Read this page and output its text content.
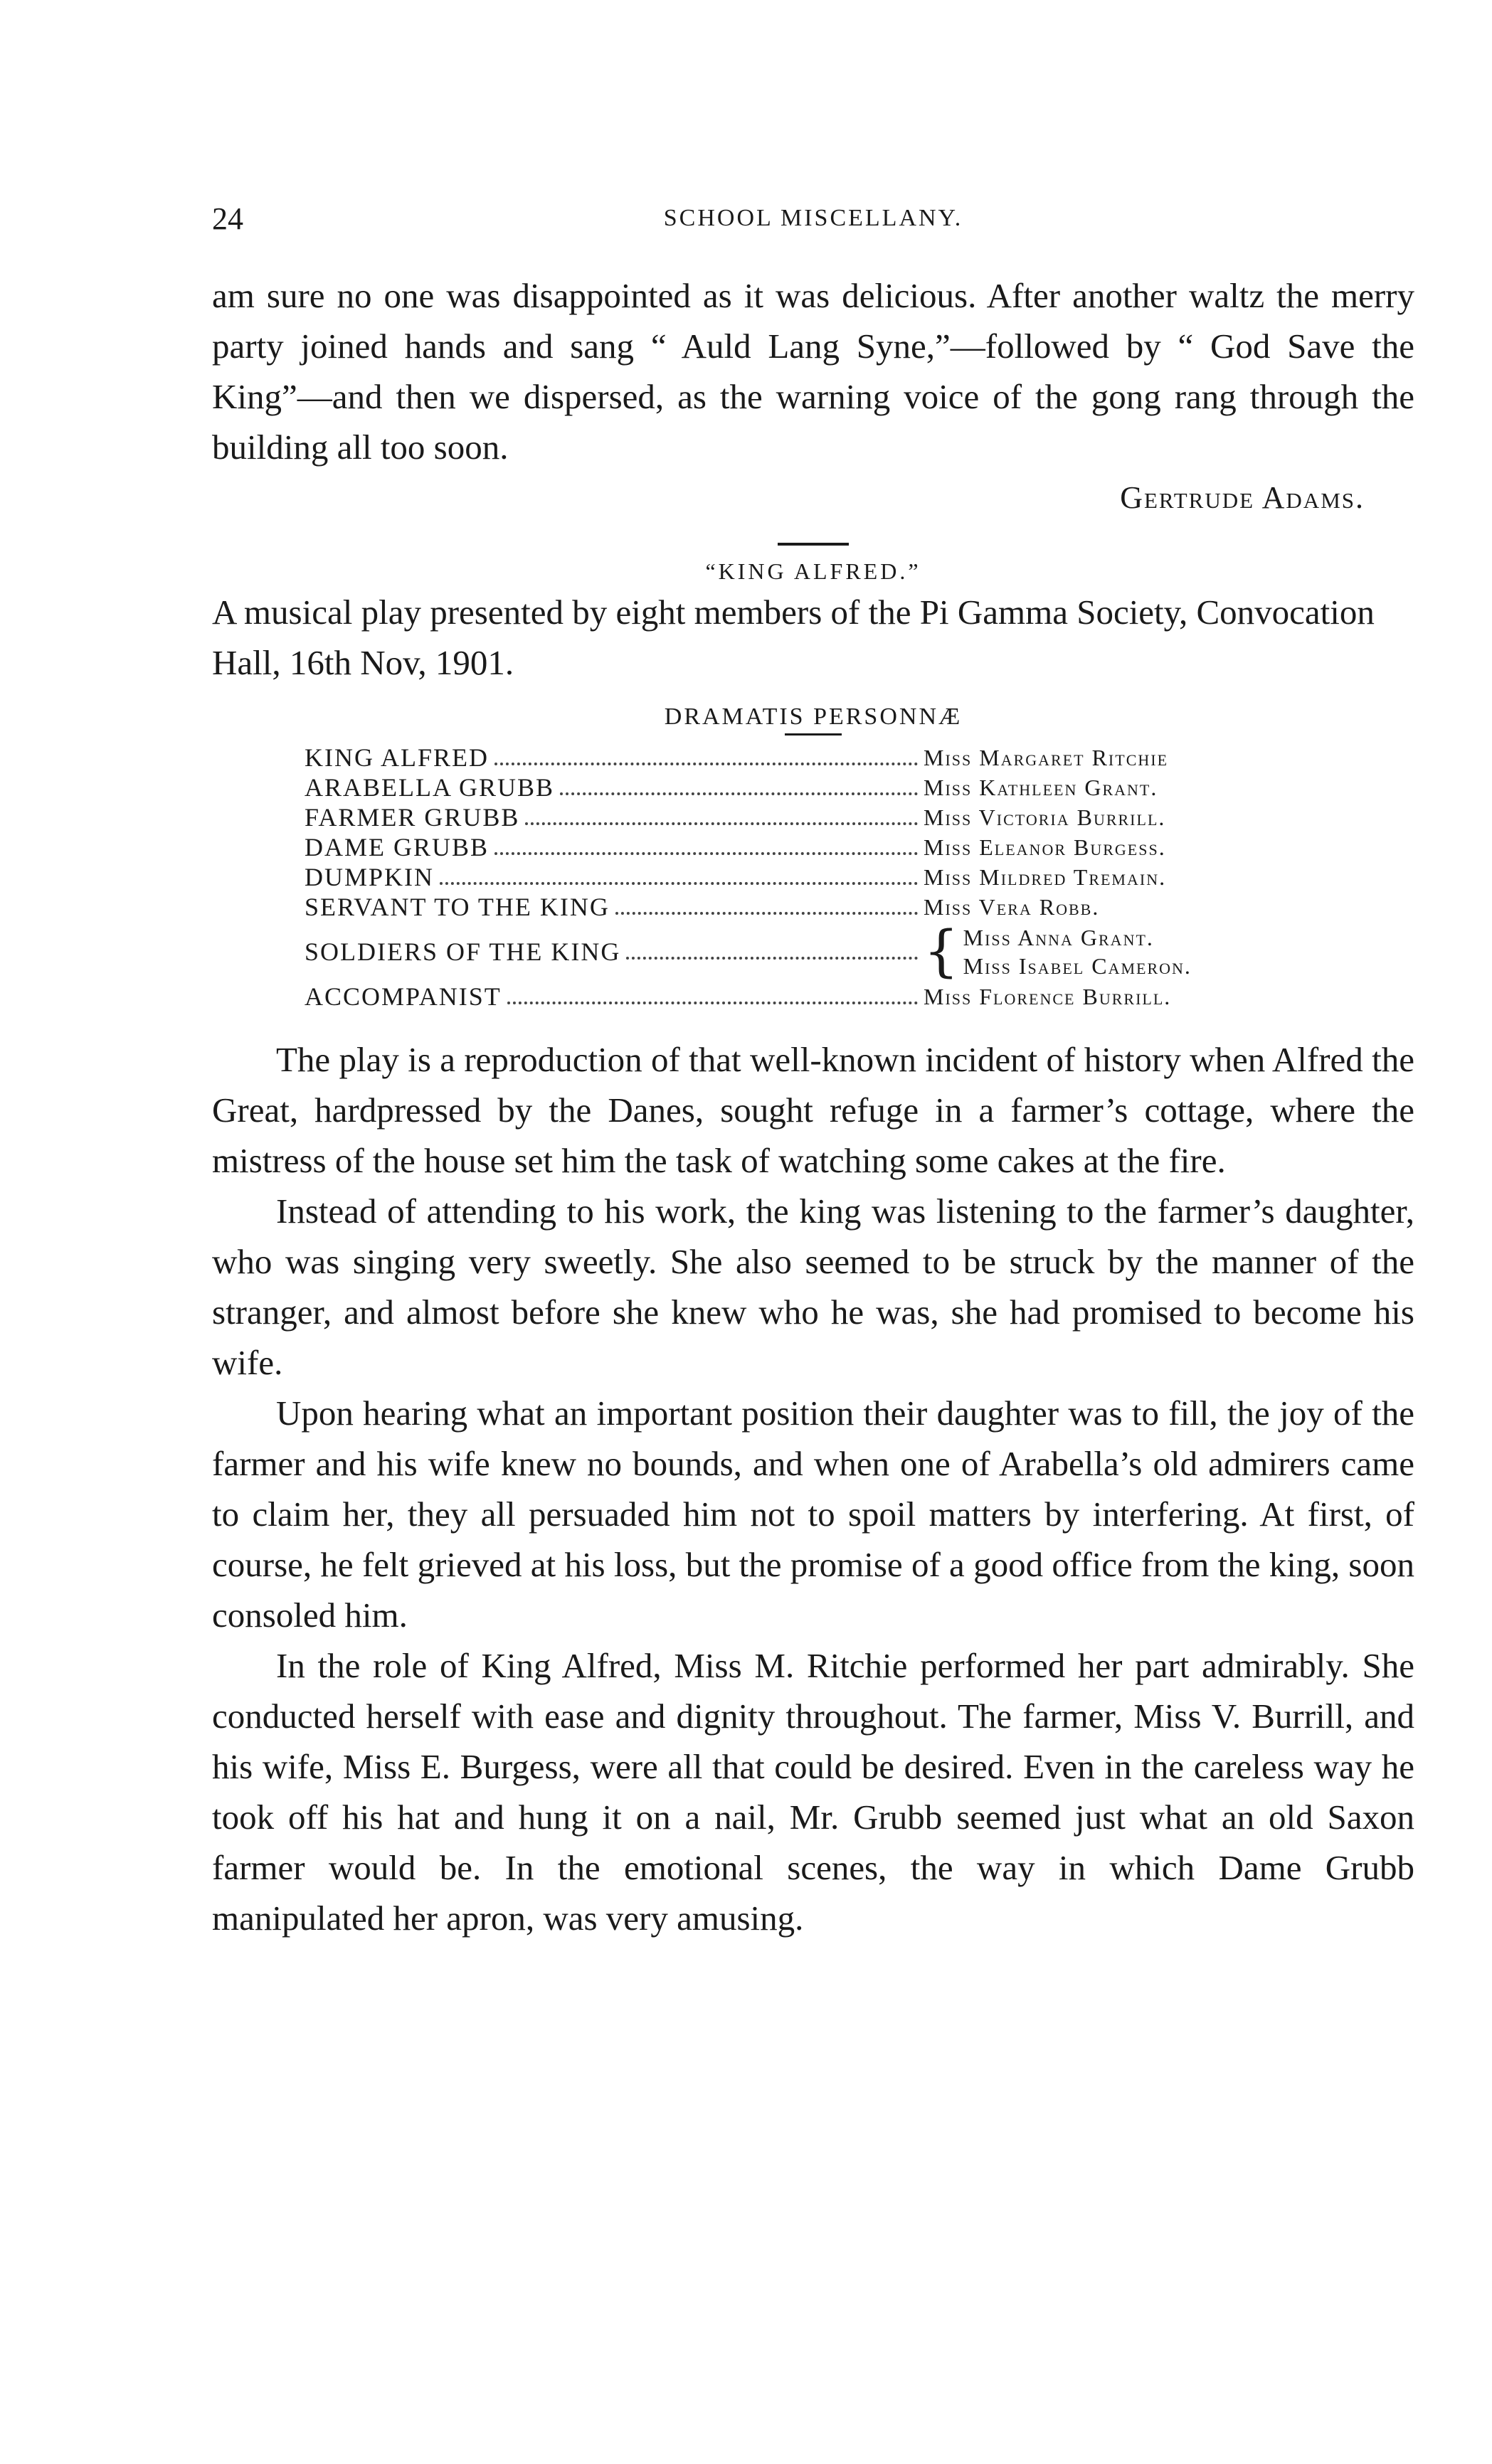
24	SCHOOL MISCELLANY.

am sure no one was disappointed as it was delicious. After another waltz the merry party joined hands and sang “ Auld Lang Syne,”—followed by “ God Save the King”—and then we dispersed, as the warning voice of the gong rang through the building all too soon.

Gertrude Adams.
“KING ALFRED.”

A musical play presented by eight members of the Pi Gamma Society, Convocation Hall, 16th Nov, 1901.

DRAMATIS PERSONNÆ
KING ALFRED	Miss Margaret Ritchie
ARABELLA GRUBB	Miss Kathleen Grant.
FARMER GRUBB	Miss Victoria Burrill.
DAME GRUBB	Miss Eleanor Burgess.
DUMPKIN	Miss Mildred Tremain.
SERVANT TO THE KING	Miss Vera Robb.
SOLDIERS OF THE KING	{ Miss Anna Grant.
Miss Isabel Cameron.
ACCOMPANIST	Miss Florence Burrill.

The play is a reproduction of that well-known incident of history when Alfred the Great, hardpressed by the Danes, sought refuge in a farmer’s cottage, where the mistress of the house set him the task of watching some cakes at the fire.

Instead of attending to his work, the king was listening to the farmer’s daughter, who was singing very sweetly. She also seemed to be struck by the manner of the stranger, and almost before she knew who he was, she had promised to become his wife.

Upon hearing what an important position their daughter was to fill, the joy of the farmer and his wife knew no bounds, and when one of Arabella’s old admirers came to claim her, they all persuaded him not to spoil matters by interfering. At first, of course, he felt grieved at his loss, but the promise of a good office from the king, soon consoled him.

In the role of King Alfred, Miss M. Ritchie performed her part admirably. She conducted herself with ease and dignity throughout. The farmer, Miss V. Burrill, and his wife, Miss E. Burgess, were all that could be desired. Even in the careless way he took off his hat and hung it on a nail, Mr. Grubb seemed just what an old Saxon farmer would be. In the emotional scenes, the way in which Dame Grubb manipulated her apron, was very amusing.
